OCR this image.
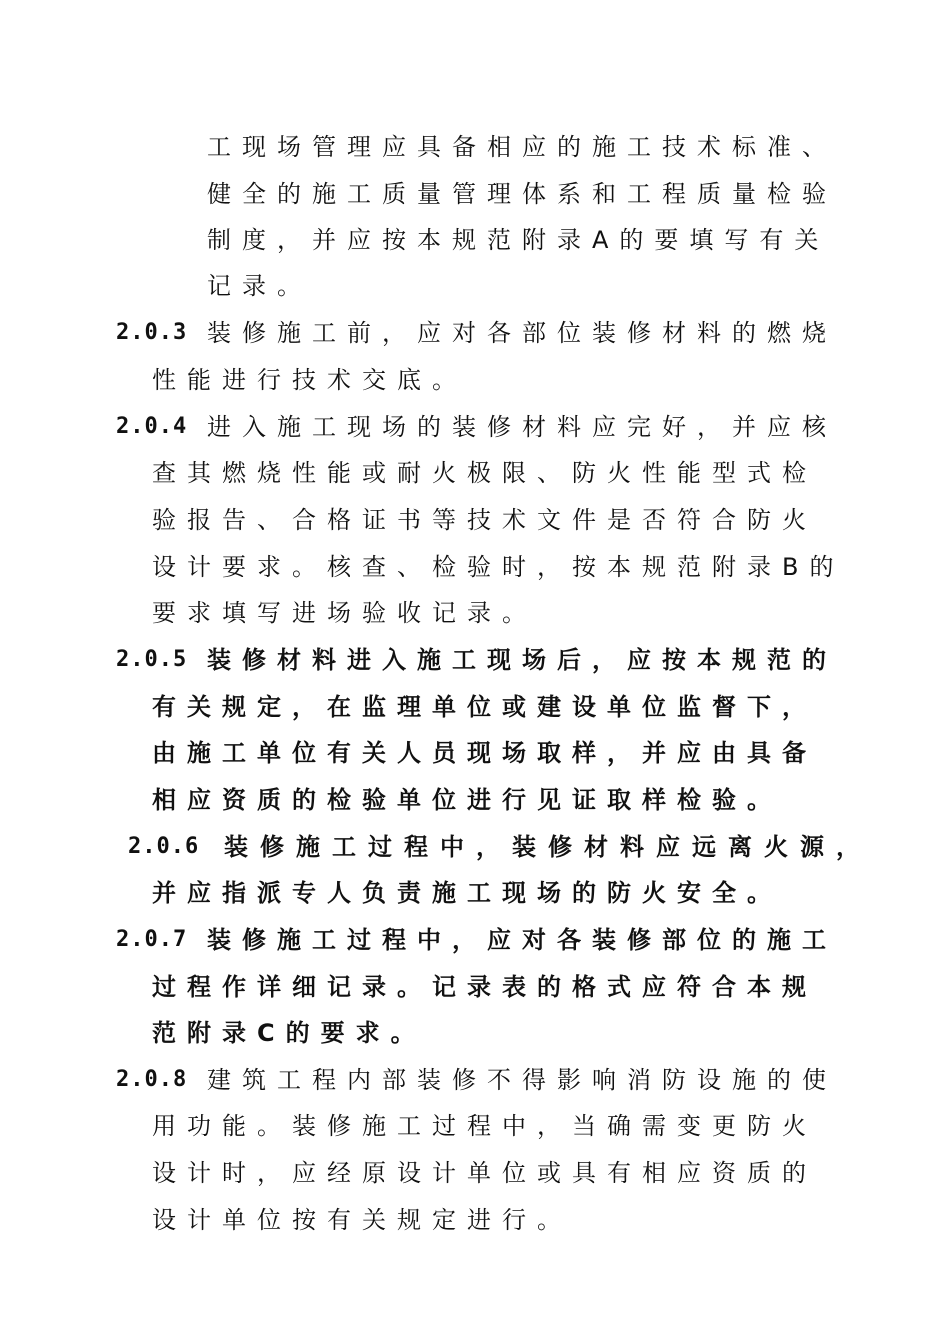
工现场管理应具备相应的施工技术标准、
健全的施工质量管理体系和工程质量检验
制度，并应按本规范附录A的要填写有关
记录。
2.0.3 装修施工前，应对各部位装修材料的燃烧
性能进行技术交底。
2.0.4 进入施工现场的装修材料应完好，并应核
查其燃烧性能或耐火极限、防火性能型式检
验报告、合格证书等技术文件是否符合防火
设计要求。核查、检验时，按本规范附录B的
要求填写进场验收记录。
2.0.5 装修材料进入施工现场后，应按本规范的
有关规定，在监理单位或建设单位监督下，
由施工单位有关人员现场取样，并应由具备
相应资质的检验单位进行见证取样检验。
2.0.6 装修施工过程中，装修材料应远离火源，
并应指派专人负责施工现场的防火安全。
2.0.7 装修施工过程中，应对各装修部位的施工
过程作详细记录。记录表的格式应符合本规
范附录C的要求。
2.0.8 建筑工程内部装修不得影响消防设施的使
用功能。装修施工过程中，当确需变更防火
设计时，应经原设计单位或具有相应资质的
设计单位按有关规定进行。
